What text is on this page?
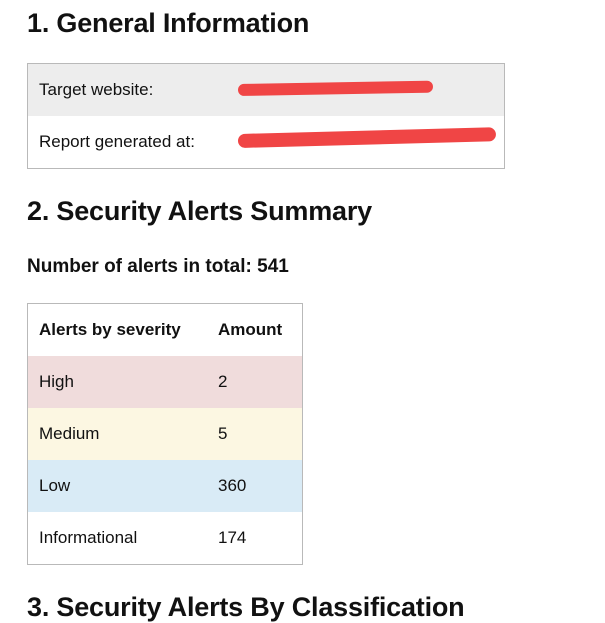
1. General Information
Target website:
Report generated at:
2. Security Alerts Summary
Number of alerts in total: 541
Alerts by severity Amount
High	2
Medium	5
Low	360
Informational	174
3. Security Alerts By Classification
